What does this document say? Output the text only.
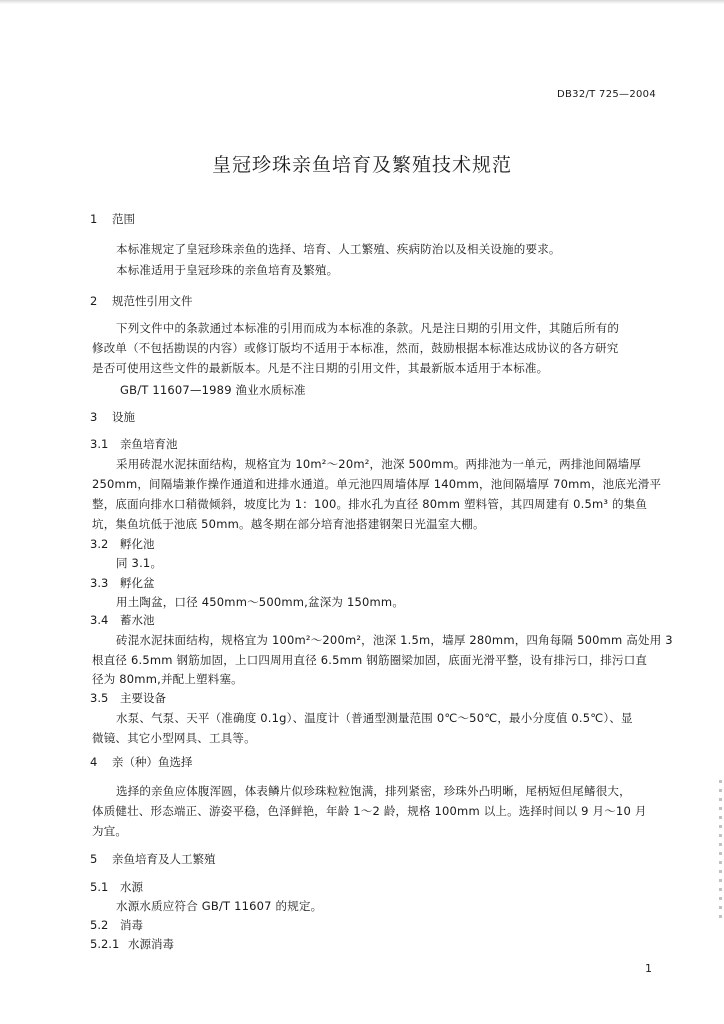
DB32/T 725—2004
皇冠珍珠亲鱼培育及繁殖技术规范
1 范围
本标准规定了皇冠珍珠亲鱼的选择、培育、人工繁殖、疾病防治以及相关设施的要求。
本标准适用于皇冠珍珠的亲鱼培育及繁殖。
2 规范性引用文件
下列文件中的条款通过本标准的引用而成为本标准的条款。凡是注日期的引用文件，其随后所有的
修改单（不包括勘误的内容）或修订版均不适用于本标准，然而，鼓励根据本标准达成协议的各方研究
是否可使用这些文件的最新版本。凡是不注日期的引用文件，其最新版本适用于本标准。
GB/T 11607—1989 渔业水质标准
3 设施
3.1 亲鱼培育池
采用砖混水泥抹面结构，规格宜为 10m²～20m²，池深 500mm。两排池为一单元，两排池间隔墙厚
250mm，间隔墙兼作操作通道和进排水通道。单元池四周墙体厚 140mm，池间隔墙厚 70mm，池底光滑平
整，底面向排水口稍微倾斜，坡度比为 1：100。排水孔为直径 80mm 塑料管，其四周建有 0.5m³ 的集鱼
坑，集鱼坑低于池底 50mm。越冬期在部分培育池搭建钢架日光温室大棚。
3.2 孵化池
同 3.1。
3.3 孵化盆
用土陶盆，口径 450mm～500mm,盆深为 150mm。
3.4 蓄水池
砖混水泥抹面结构，规格宜为 100m²～200m²，池深 1.5m，墙厚 280mm，四角每隔 500mm 高处用 3
根直径 6.5mm 钢筋加固，上口四周用直径 6.5mm 钢筋圈梁加固，底面光滑平整，设有排污口，排污口直
径为 80mm,并配上塑料塞。
3.5 主要设备
水泵、气泵、天平（准确度 0.1g）、温度计（普通型测量范围 0℃～50℃，最小分度值 0.5℃）、显
微镜、其它小型网具、工具等。
4 亲（种）鱼选择
选择的亲鱼应体腹浑圆，体表鳞片似珍珠粒粒饱满，排列紧密，珍珠外凸明晰，尾柄短但尾鳍很大，
体质健壮、形态端正、游姿平稳，色泽鲜艳，年龄 1～2 龄，规格 100mm 以上。选择时间以 9 月～10 月
为宜。
5 亲鱼培育及人工繁殖
5.1 水源
水源水质应符合 GB/T 11607 的规定。
5.2 消毒
5.2.1 水源消毒
1
